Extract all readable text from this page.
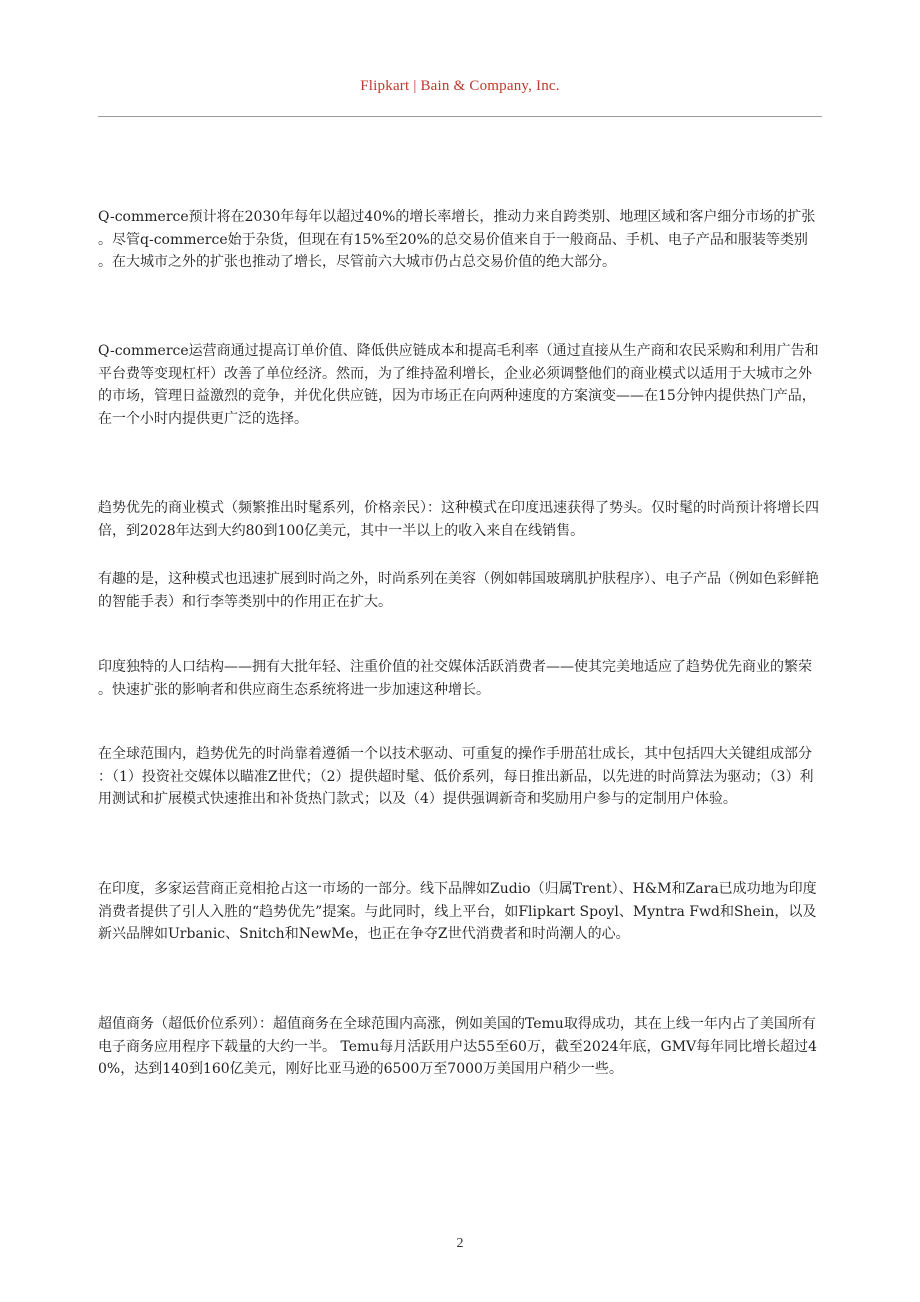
Flipkart | Bain & Company, Inc.

Q-commerce预计将在2030年每年以超过40%的增长率增长，推动力来自跨类别、地理区域和客户细分市场的扩张。尽管q-commerce始于杂货，但现在有15%至20%的总交易价值来自于一般商品、手机、电子产品和服装等类别。在大城市之外的扩张也推动了增长，尽管前六大城市仍占总交易价值的绝大部分。

Q-commerce运营商通过提高订单价值、降低供应链成本和提高毛利率（通过直接从生产商和农民采购和利用广告和平台费等变现杠杆）改善了单位经济。然而，为了维持盈利增长，企业必须调整他们的商业模式以适用于大城市之外的市场，管理日益激烈的竞争，并优化供应链，因为市场正在向两种速度的方案演变——在15分钟内提供热门产品，在一个小时内提供更广泛的选择。

趋势优先的商业模式（频繁推出时髦系列，价格亲民）：这种模式在印度迅速获得了势头。仅时髦的时尚预计将增长四倍，到2028年达到大约80到100亿美元，其中一半以上的收入来自在线销售。

有趣的是，这种模式也迅速扩展到时尚之外，时尚系列在美容（例如韩国玻璃肌护肤程序）、电子产品（例如色彩鲜艳的智能手表）和行李等类别中的作用正在扩大。

印度独特的人口结构——拥有大批年轻、注重价值的社交媒体活跃消费者——使其完美地适应了趋势优先商业的繁荣。快速扩张的影响者和供应商生态系统将进一步加速这种增长。

在全球范围内，趋势优先的时尚靠着遵循一个以技术驱动、可重复的操作手册茁壮成长，其中包括四大关键组成部分：（1）投资社交媒体以瞄准Z世代；（2）提供超时髦、低价系列，每日推出新品，以先进的时尚算法为驱动；（3）利用测试和扩展模式快速推出和补货热门款式；以及（4）提供强调新奇和奖励用户参与的定制用户体验。

在印度，多家运营商正竞相抢占这一市场的一部分。线下品牌如Zudio（归属Trent）、H&M和Zara已成功地为印度消费者提供了引人入胜的“趋势优先”提案。与此同时，线上平台，如Flipkart Spoyl、Myntra Fwd和Shein，以及新兴品牌如Urbanic、Snitch和NewMe，也正在争夺Z世代消费者和时尚潮人的心。

超值商务（超低价位系列）：超值商务在全球范围内高涨，例如美国的Temu取得成功，其在上线一年内占了美国所有电子商务应用程序下载量的大约一半。 Temu每月活跃用户达55至60万，截至2024年底，GMV每年同比增长超过40%，达到140到160亿美元，刚好比亚马逊的6500万至7000万美国用户稍少一些。

2
